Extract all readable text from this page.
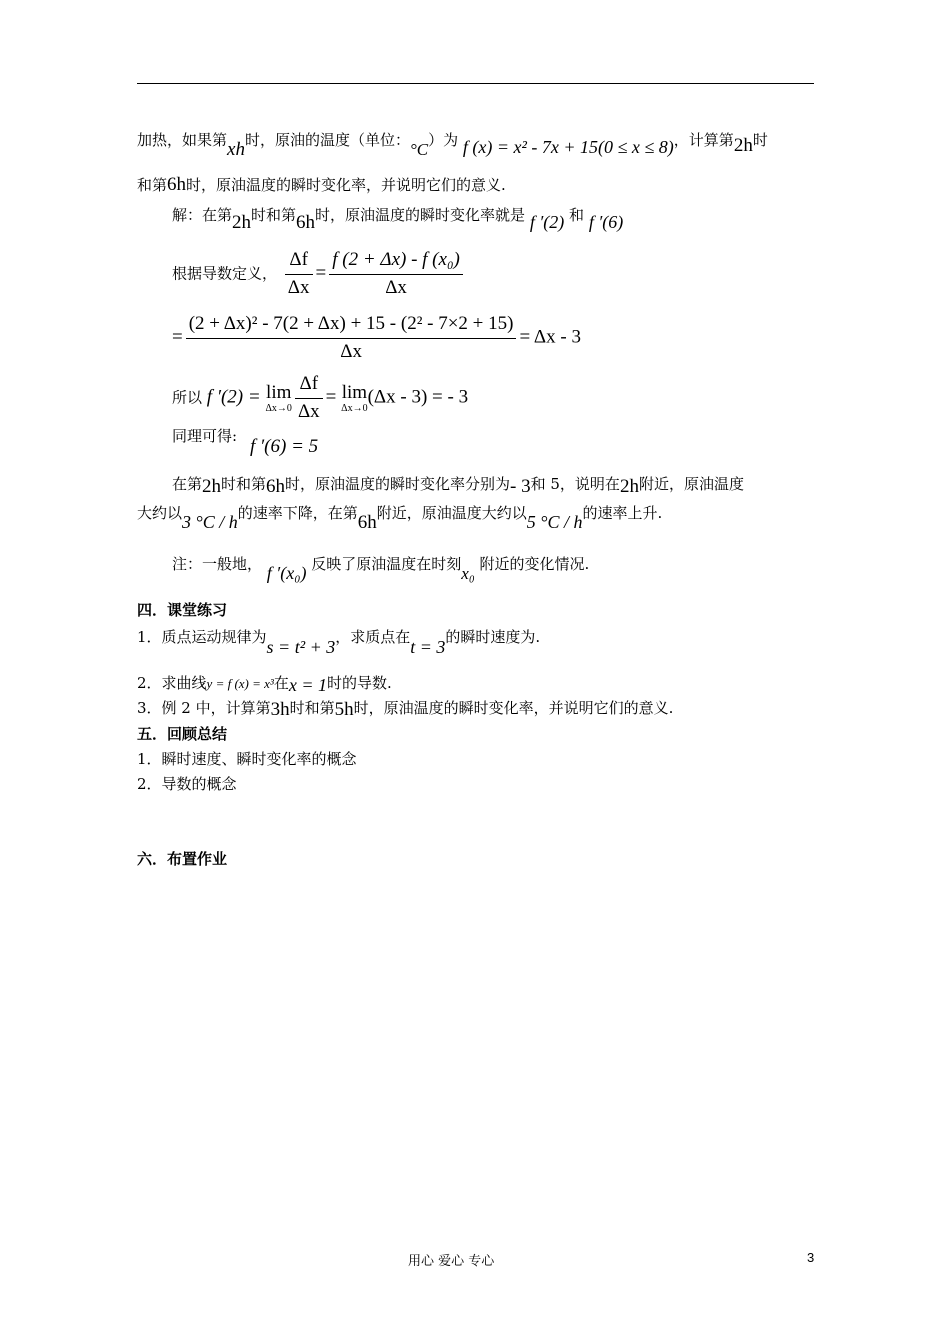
加热，如果第xh时，原油的温度（单位：°C）为 f (x) = x² - 7x + 15(0 ≤ x ≤ 8)，计算第2h时
和第6h时，原油温度的瞬时变化率，并说明它们的意义.
解：在第2h时和第6h时，原油温度的瞬时变化率就是 f ′(2) 和 f ′(6)
根据导数定义， $\frac{\Delta f}{\Delta x} = \frac{\text{f (2 + Δx) - f (x₀)}}{\Delta x}$
= $\frac{\text{(2 + Δx)² - 7(2 + Δx) + 15 - (2² - 7×2 + 15)}}{\Delta x} = \Delta x - 3$
所以 f ′(2) = lim
$\Delta x\to 0 \frac{\Delta f}{\Delta x} = \lim$
Δx→0
(Δx - 3) = - 3
同理可得: f ′(6) = 5
在第2h时和第6h时，原油温度的瞬时变化率分别为- 3和 5，说明在2h附近，原油温度
大约以3 °C / h的速率下降，在第6h附近，原油温度大约以5 °C / h的速率上升.
注：一般地， f ′(x₀) 反映了原油温度在时刻x₀ 附近的变化情况.
四．课堂练习
1．质点运动规律为s = t² + 3，求质点在t = 3的瞬时速度为.
2．求曲线y = f (x) = x³在x = 1时的导数.
3．例 2 中，计算第3h时和第5h时，原油温度的瞬时变化率，并说明它们的意义.
五．回顾总结
1．瞬时速度、瞬时变化率的概念
2．导数的概念
六．布置作业
用心 爱心 专心	3
